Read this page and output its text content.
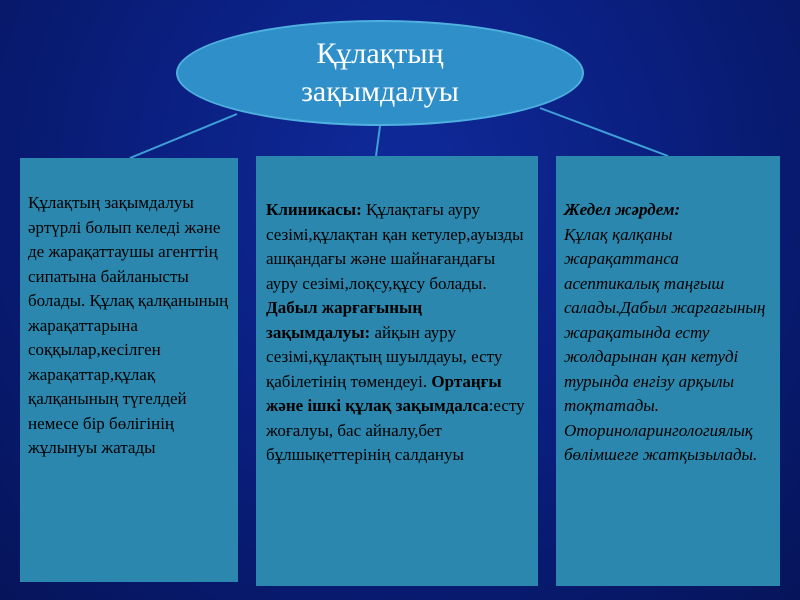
Құлақтың
зақымдалуы
Құлақтың зақымдалуы әртүрлі болып келеді және де жарақаттаушы агенттің сипатына байланысты болады. Құлақ қалқанының жарақаттарына соққылар,кесілген жарақаттар,құлақ қалқанының түгелдей немесе бір бөлігінің жұлынуы жатады
Клиникасы: Құлақтағы ауру сезімі,құлақтан қан кетулер,ауызды ашқандағы және шайнағандағы ауру сезімі,лоқсу,құсу болады. Дабыл жарғағының зақымдалуы: айқын ауру сезімі,құлақтың шуылдауы, есту қабілетінің төмендеуі. Ортаңғы және ішкі құлақ зақымдалса:есту жоғалуы, бас айналу,бет бұлшықеттерінің салдануы
Жедел жәрдем:
Құлақ қалқаны жарақаттанса асептикалық таңғыш салады.Дабыл жарғағының жарақатында есту жолдарынан қан кетуді турында енгізу арқылы тоқтатады. Оториноларингологиялық бөлімшеге жатқызылады.
